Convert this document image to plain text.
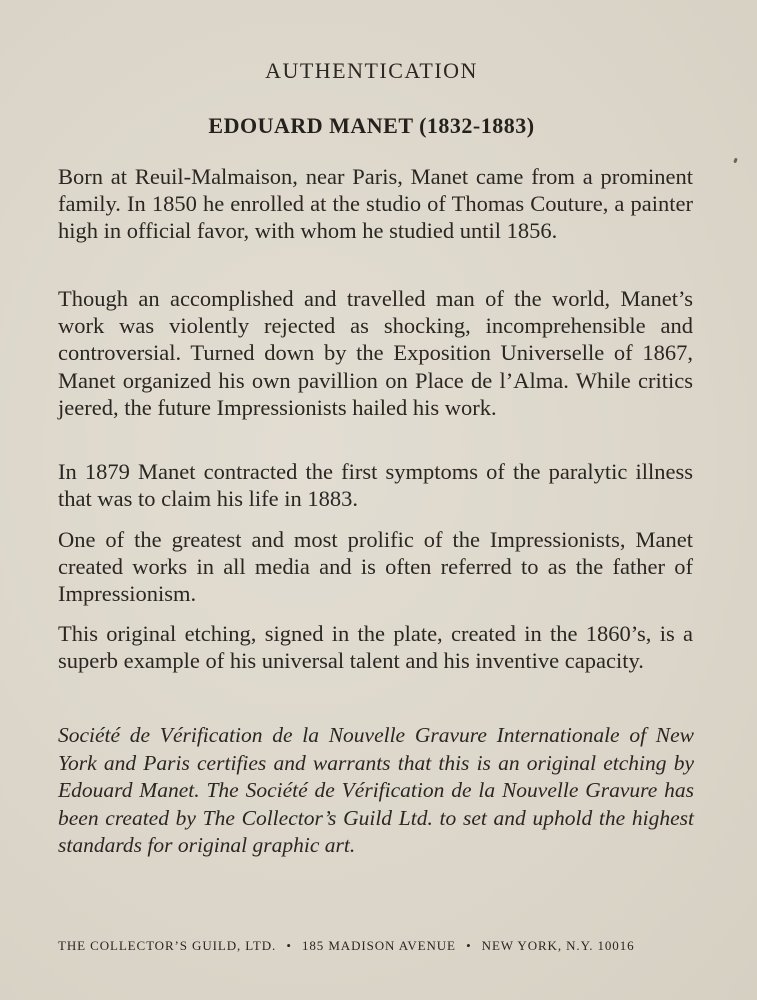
AUTHENTICATION
EDOUARD MANET (1832-1883)

Born at Reuil-Malmaison, near Paris, Manet came from a prominent family. In 1850 he enrolled at the studio of Thomas Couture, a painter high in official favor, with whom he studied until 1856.

Though an accomplished and travelled man of the world, Manet’s work was violently rejected as shocking, incomprehensible and controversial. Turned down by the Exposition Universelle of 1867, Manet organized his own pavillion on Place de l’Alma. While critics jeered, the future Impressionists hailed his work.

In 1879 Manet contracted the first symptoms of the paralytic illness that was to claim his life in 1883.

One of the greatest and most prolific of the Impressionists, Manet created works in all media and is often referred to as the father of Impressionism.

This original etching, signed in the plate, created in the 1860’s, is a superb example of his universal talent and his inventive capacity.

Société de Vérification de la Nouvelle Gravure Internationale of New York and Paris certifies and warrants that this is an original etching by Edouard Manet. The Société de Vérification de la Nouvelle Gravure has been created by The Collector’s Guild Ltd. to set and uphold the highest standards for original graphic art.

THE COLLECTOR’S GUILD, LTD. • 185 MADISON AVENUE • NEW YORK, N.Y. 10016
